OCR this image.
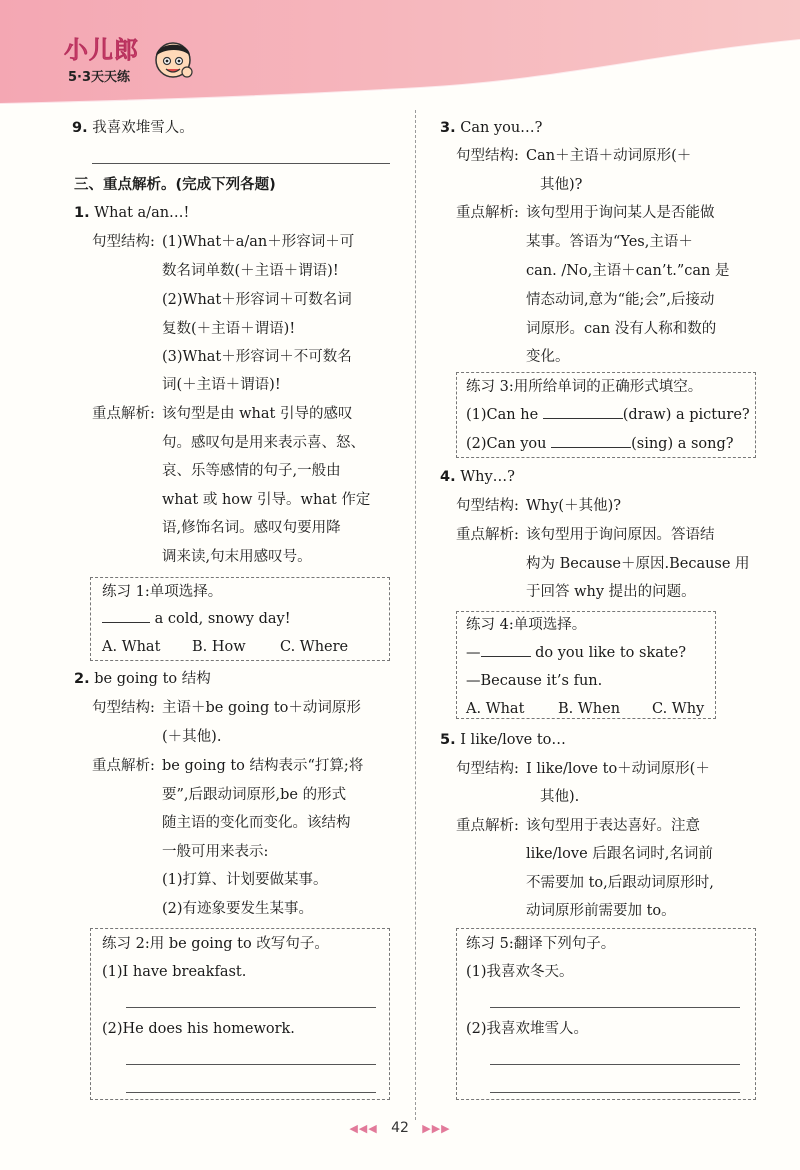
小儿郎
5·3天天练
9. 我喜欢堆雪人。
三、重点解析。(完成下列各题)
1. What a/an…!
句型结构: (1)What＋a/an＋形容词＋可
数名词单数(＋主语＋谓语)!
(2)What＋形容词＋可数名词
复数(＋主语＋谓语)!
(3)What＋形容词＋不可数名
词(＋主语＋谓语)!
重点解析: 该句型是由 what 引导的感叹
句。感叹句是用来表示喜、怒、
哀、乐等感情的句子,一般由
what 或 how 引导。what 作定
语,修饰名词。感叹句要用降
调来读,句末用感叹号。
练习 1:单项选择。
a cold, snowy day!
A. What B. How C. Where
2. be going to 结构
句型结构: 主语＋be going to＋动词原形
(＋其他).
重点解析: be going to 结构表示“打算;将
要”,后跟动词原形,be 的形式
随主语的变化而变化。该结构
一般可用来表示:
(1)打算、计划要做某事。
(2)有迹象要发生某事。
练习 2:用 be going to 改写句子。
(1)I have breakfast.
(2)He does his homework.
3. Can you…?
句型结构: Can＋主语＋动词原形(＋
其他)?
重点解析: 该句型用于询问某人是否能做
某事。答语为“Yes,主语＋
can. /No,主语＋can’t.”can 是
情态动词,意为“能;会”,后接动
词原形。can 没有人称和数的
变化。
练习 3:用所给单词的正确形式填空。
(1)Can he	(draw) a picture?
(2)Can you	(sing) a song?
4. Why…?
句型结构: Why(＋其他)?
重点解析: 该句型用于询问原因。答语结
构为 Because＋原因.Because 用
于回答 why 提出的问题。
练习 4:单项选择。
—	do you like to skate?
—Because it’s fun.
A. What B. When C. Why
5. I like/love to…
句型结构: I like/love to＋动词原形(＋
其他).
重点解析: 该句型用于表达喜好。注意
like/love 后跟名词时,名词前
不需要加 to,后跟动词原形时,
动词原形前需要加 to。
练习 5:翻译下列句子。
(1)我喜欢冬天。
(2)我喜欢堆雪人。
◀◀◀ 42 ▶▶▶
